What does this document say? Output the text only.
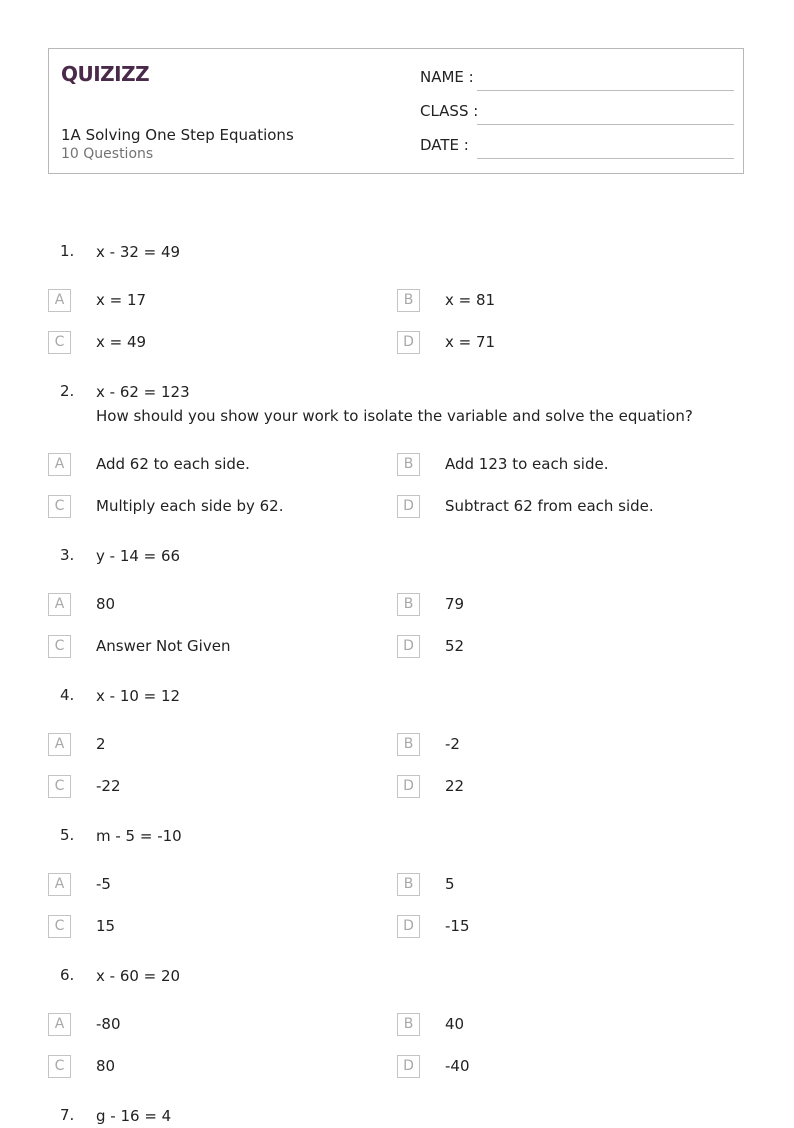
QUIZIZZ
1A Solving One Step Equations
10 Questions
NAME :
CLASS :
DATE :
1. x - 32 = 49
A	x = 17	B	x = 81
C	x = 49	D	x = 71
2. x - 62 = 123
How should you show your work to isolate the variable and solve the equation?
A	Add 62 to each side.	B	Add 123 to each side.
C	Multiply each side by 62.	D	Subtract 62 from each side.
3. y - 14 = 66
A	80	B	79
C	Answer Not Given	D	52
4. x - 10 = 12
A	2	B	-2
C	-22	D	22
5. m - 5 = -10
A	-5	B	5
C	15	D	-15
6. x - 60 = 20
A	-80	B	40
C	80	D	-40
7. g - 16 = 4
